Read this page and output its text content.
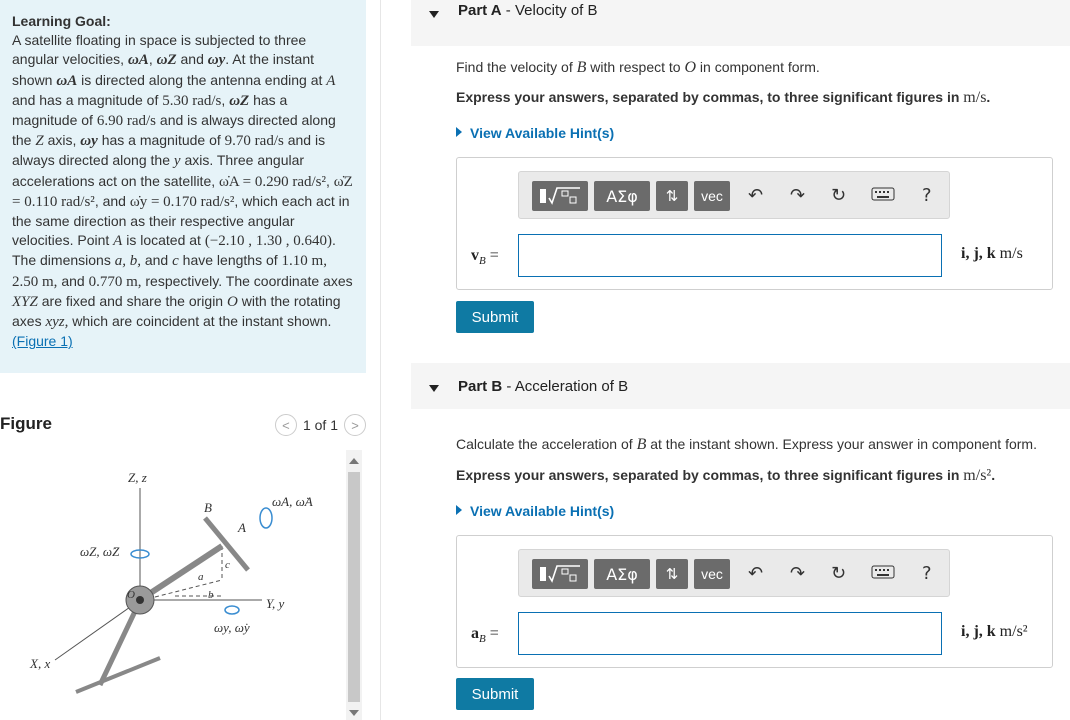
Learning Goal:
A satellite floating in space is subjected to three angular velocities, ωA, ωZ and ωy. At the instant shown ωA is directed along the antenna ending at A and has a magnitude of 5.30 rad/s, ωZ has a magnitude of 6.90 rad/s and is always directed along the Z axis, ωy has a magnitude of 9.70 rad/s and is always directed along the y axis. Three angular accelerations act on the satellite, ω̇A = 0.290 rad/s², ω̇Z = 0.110 rad/s², and ω̇y = 0.170 rad/s², which each act in the same direction as their respective angular velocities. Point A is located at (−2.10 , 1.30 , 0.640). The dimensions a, b, and c have lengths of 1.10 m, 2.50 m, and 0.770 m, respectively. The coordinate axes XYZ are fixed and share the origin O with the rotating axes xyz, which are coincident at the instant shown.(Figure 1)
Figure	< 1 of 1	>
Z, z
ωA, ω̇A
ωZ, ω̇Z
B
A
c
a
b
O
Y, y
ωy, ω̇y
X, x
Part A - Velocity of B
Find the velocity of B with respect to O in component form.
Express your answers, separated by commas, to three significant figures in m/s.
View Available Hint(s)
ΑΣφ	⇅	vec	↶ ↷ ↻	?
$v_B$ =	i, j, k m/s
Submit
Part B - Acceleration of B
Calculate the acceleration of B at the instant shown. Express your answer in component form.
Express your answers, separated by commas, to three significant figures in m/s².
View Available Hint(s)
ΑΣφ	⇅	vec	↶ ↷ ↻	?
$a_B$ =	i, j, k m/s²
Submit
